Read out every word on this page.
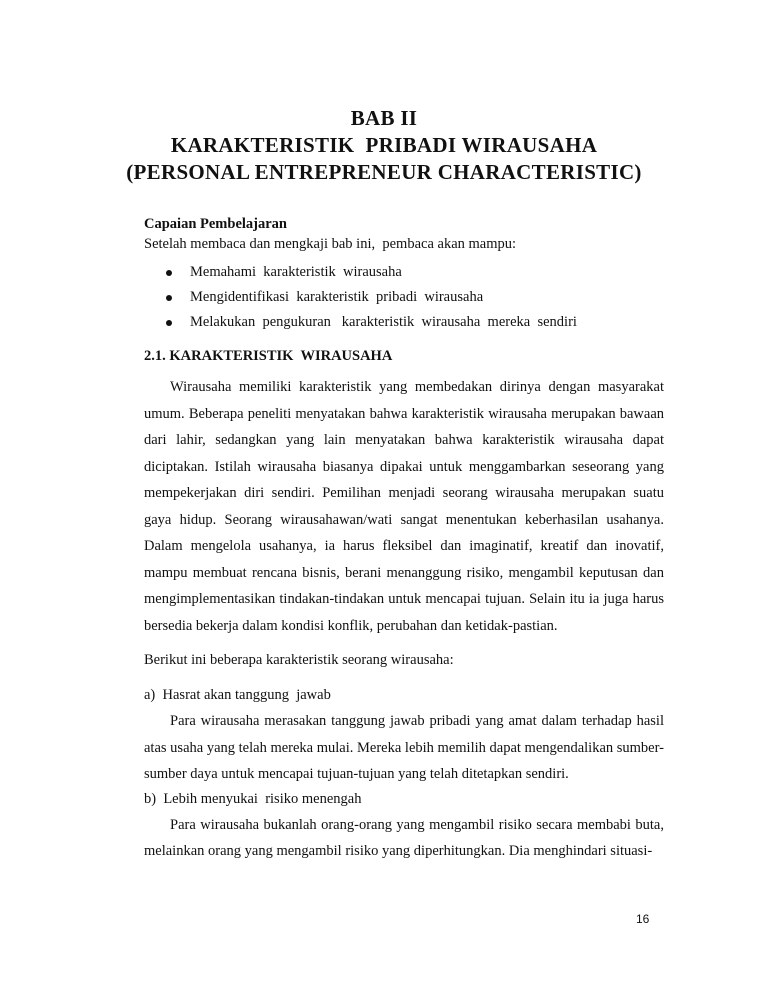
BAB II
KARAKTERISTIK  PRIBADI WIRAUSAHA
(PERSONAL ENTREPRENEUR CHARACTERISTIC)
Capaian Pembelajaran
Setelah membaca dan mengkaji bab ini,  pembaca akan mampu:
Memahami  karakteristik  wirausaha
Mengidentifikasi  karakteristik  pribadi  wirausaha
Melakukan  pengukuran   karakteristik  wirausaha  mereka  sendiri
2.1. KARAKTERISTIK  WIRAUSAHA
Wirausaha memiliki karakteristik yang membedakan dirinya dengan masyarakat umum. Beberapa peneliti menyatakan bahwa karakteristik wirausaha merupakan bawaan dari lahir, sedangkan yang lain menyatakan bahwa karakteristik wirausaha dapat diciptakan. Istilah wirausaha biasanya dipakai untuk menggambarkan seseorang yang mempekerjakan diri sendiri. Pemilihan menjadi seorang wirausaha merupakan suatu gaya hidup. Seorang wirausahawan/wati sangat menentukan keberhasilan usahanya. Dalam mengelola usahanya, ia harus fleksibel dan imaginatif, kreatif dan inovatif, mampu membuat rencana bisnis, berani menanggung risiko, mengambil keputusan dan mengimplementasikan tindakan-tindakan untuk mencapai tujuan. Selain itu ia juga harus bersedia bekerja dalam kondisi konflik, perubahan dan ketidak-pastian.
Berikut ini beberapa karakteristik seorang wirausaha:
a)  Hasrat akan tanggung  jawab
Para wirausaha merasakan tanggung jawab pribadi yang amat dalam terhadap hasil atas usaha yang telah mereka mulai. Mereka lebih memilih dapat mengendalikan sumber-sumber daya untuk mencapai tujuan-tujuan yang telah ditetapkan sendiri.
b)  Lebih menyukai  risiko menengah
Para wirausaha bukanlah orang-orang yang mengambil risiko secara membabi buta, melainkan orang yang mengambil risiko yang diperhitungkan. Dia menghindari situasi-
16
